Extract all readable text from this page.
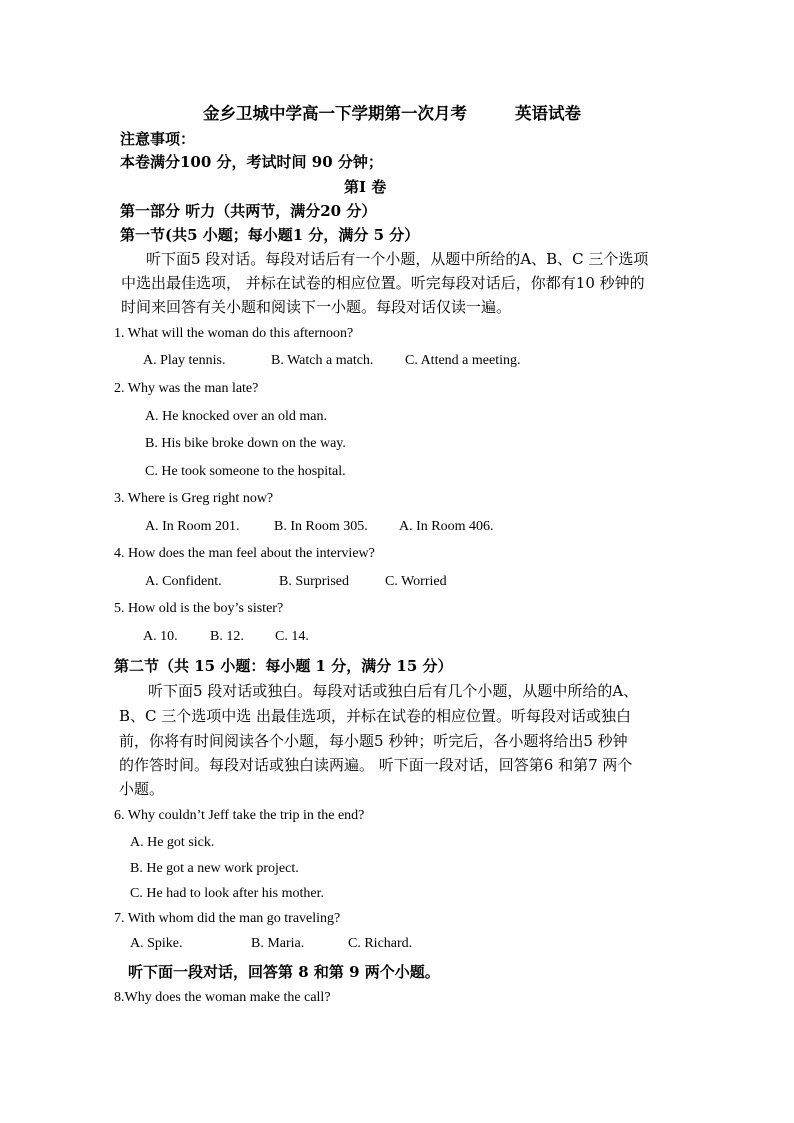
金乡卫城中学高一下学期第一次月考	英语试卷
注意事项：
本卷满分100 分，考试时间 90 分钟；
第I 卷
第一部分 听力（共两节，满分20 分）
第一节(共5 小题；每小题1 分，满分 5 分）
听下面5 段对话。每段对话后有一个小题，从题中所给的A、B、C 三个选项
中选出最佳选项， 并标在试卷的相应位置。听完每段对话后，你都有10 秒钟的
时间来回答有关小题和阅读下一小题。每段对话仅读一遍。
1. What will the woman do this afternoon?
A. Play tennis.	B. Watch a match. C. Attend a meeting.
2. Why was the man late?
A. He knocked over an old man.
B. His bike broke down on the way.
C. He took someone to the hospital.
3. Where is Greg right now?
A. In Room 201. B. In Room 305. A. In Room 406.
4. How does the man feel about the interview?
A. Confident.	B. Surprised	C. Worried
5. How old is the boy’s sister?
A. 10. B. 12. C. 14.
第二节（共 15 小题：每小题 1 分，满分 15 分）
听下面5 段对话或独白。每段对话或独白后有几个小题，从题中所给的A、
B、C 三个选项中选 出最佳选项，并标在试卷的相应位置。听每段对话或独白
前，你将有时间阅读各个小题，每小题5 秒钟；听完后，各小题将给出5 秒钟
的作答时间。每段对话或独白读两遍。 听下面一段对话，回答第6 和第7 两个
小题。
6. Why couldn’t Jeff take the trip in the end?
A. He got sick.
B. He got a new work project.
C. He had to look after his mother.
7. With whom did the man go traveling?
A. Spike.	B. Maria.	C. Richard.
听下面一段对话，回答第 8 和第 9 两个小题。
8.Why does the woman make the call?
